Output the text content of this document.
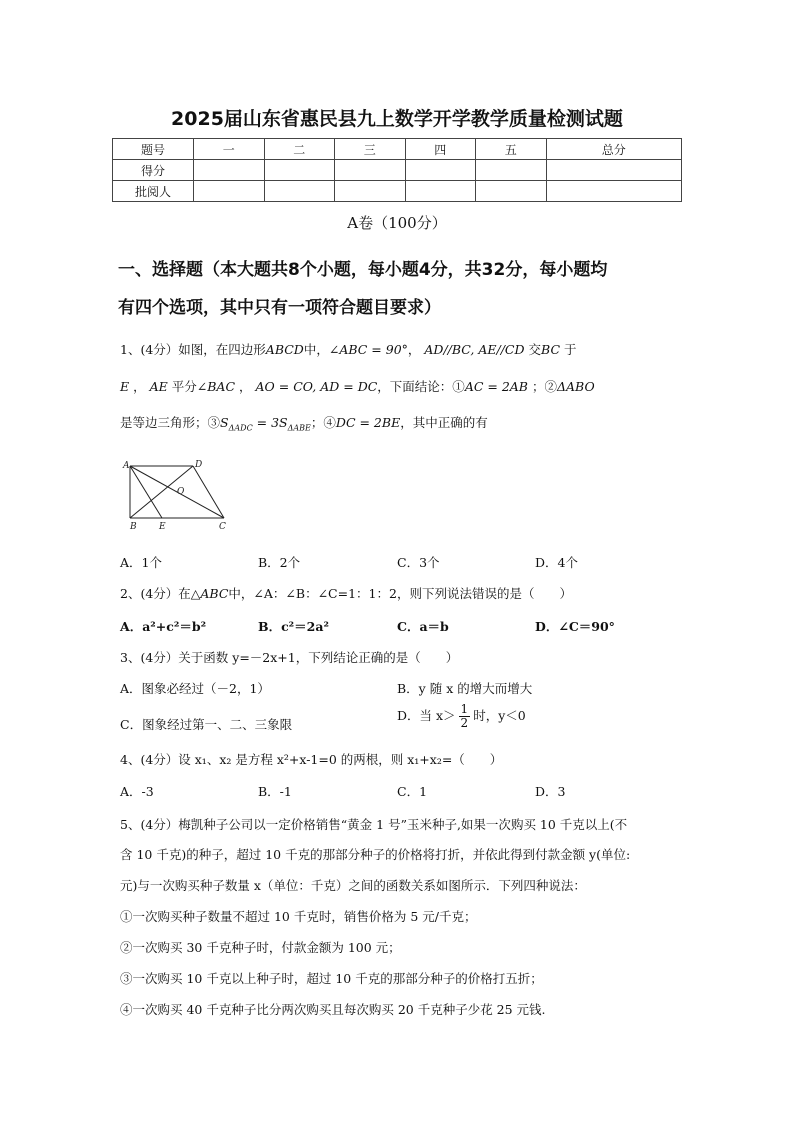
2025届山东省惠民县九上数学开学教学质量检测试题
题号	一	二	三	四	五	总分
得分						
批阅人						
A卷（100分）
一、选择题（本大题共8个小题，每小题4分，共32分，每小题均
有四个选项，其中只有一项符合题目要求）
1、(4分）如图，在四边形ABCD中，∠ABC = 90°， AD//BC, AE//CD 交BC 于
E ， AE 平分∠BAC ， AO = CO, AD = DC，下面结论：①AC = 2AB ；②ΔABO
是等边三角形；$③S_{\Delta ADC} = 3S_{\Delta ABE}$；④DC = 2BE，其中正确的有
A	D
O
B E	C
A．1个	B．2个	C．3个	D．4个
2、(4分）在△ABC中，∠A：∠B：∠C=1：1：2，则下列说法错误的是（　　）
A．a²+c²＝b²	B．c²＝2a²	C．a＝b	D．∠C＝90°
3、(4分）关于函数 y=－2x+1，下列结论正确的是（　　）
A．图象必经过（－2，1）	B．y 随 x 的增大而增大
C．图象经过第一、二、三象限
D．当 $x> \frac{1}{2}$ 时，y＜0
4、(4分）设 x₁、x₂ 是方程 x²+x-1=0 的两根，则 x₁+x₂=（　　）
A．-3	B．-1	C．1	D．3
5、(4分）梅凯种子公司以一定价格销售“黄金 1 号”玉米种子,如果一次购买 10 千克以上(不
含 10 千克)的种子，超过 10 千克的那部分种子的价格将打折，并依此得到付款金额 y(单位:
元)与一次购买种子数量 x（单位：千克）之间的函数关系如图所示．下列四种说法：
①一次购买种子数量不超过 10 千克时，销售价格为 5 元/千克；
②一次购买 30 千克种子时，付款金额为 100 元；
③一次购买 10 千克以上种子时，超过 10 千克的那部分种子的价格打五折；
④一次购买 40 千克种子比分两次购买且每次购买 20 千克种子少花 25 元钱.
